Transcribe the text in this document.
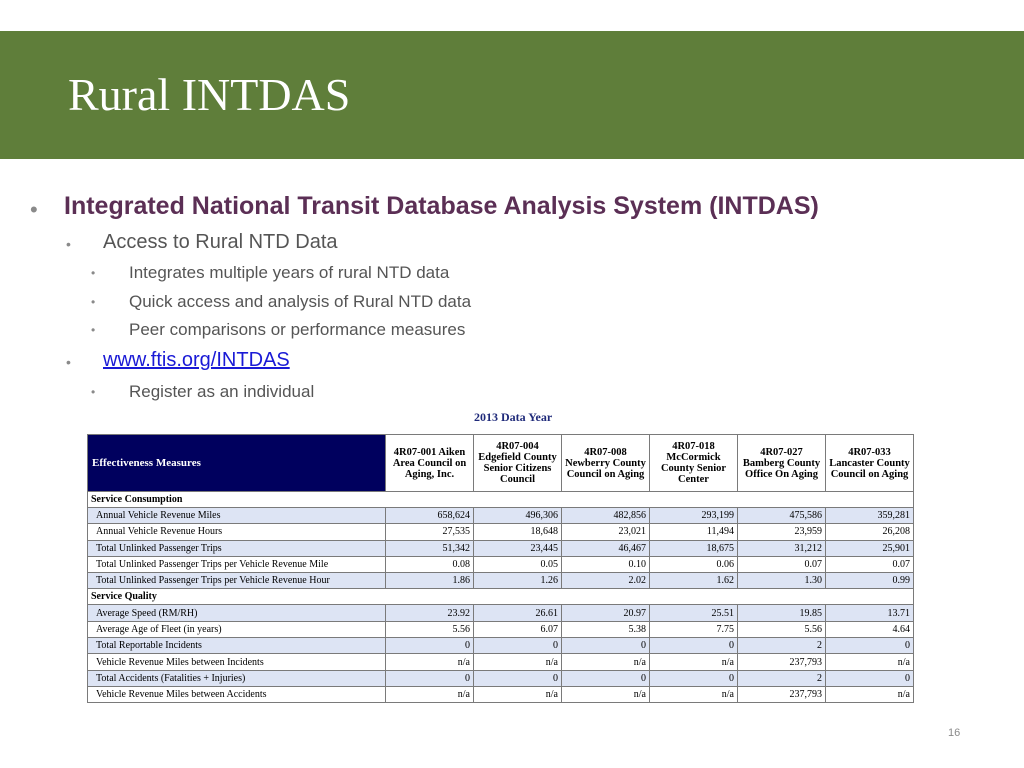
Rural INTDAS
• Integrated National Transit Database Analysis System (INTDAS)
• Access to Rural NTD Data
• Integrates multiple years of rural NTD data
• Quick access and analysis of Rural NTD data
• Peer comparisons or performance measures
• www.ftis.org/INTDAS
• Register as an individual
2013 Data Year
Effectiveness Measures	4R07-001 Aiken Area Council on Aging, Inc.	4R07-004 Edgefield County Senior Citizens Council	4R07-008 Newberry County Council on Aging	4R07-018 McCormick County Senior Center	4R07-027 Bamberg County Office On Aging	4R07-033 Lancaster County Council on Aging
Service Consumption						
Annual Vehicle Revenue Miles	658,624	496,306	482,856	293,199	475,586	359,281
Annual Vehicle Revenue Hours	27,535	18,648	23,021	11,494	23,959	26,208
Total Unlinked Passenger Trips	51,342	23,445	46,467	18,675	31,212	25,901
Total Unlinked Passenger Trips per Vehicle Revenue Mile	0.08	0.05	0.10	0.06	0.07	0.07
Total Unlinked Passenger Trips per Vehicle Revenue Hour	1.86	1.26	2.02	1.62	1.30	0.99
Service Quality						
Average Speed (RM/RH)	23.92	26.61	20.97	25.51	19.85	13.71
Average Age of Fleet (in years)	5.56	6.07	5.38	7.75	5.56	4.64
Total Reportable Incidents	0	0	0	0	2	0
Vehicle Revenue Miles between Incidents	n/a	n/a	n/a	n/a	237,793	n/a
Total Accidents (Fatalities + Injuries)	0	0	0	0	2	0
Vehicle Revenue Miles between Accidents	n/a	n/a	n/a	n/a	237,793	n/a
16
